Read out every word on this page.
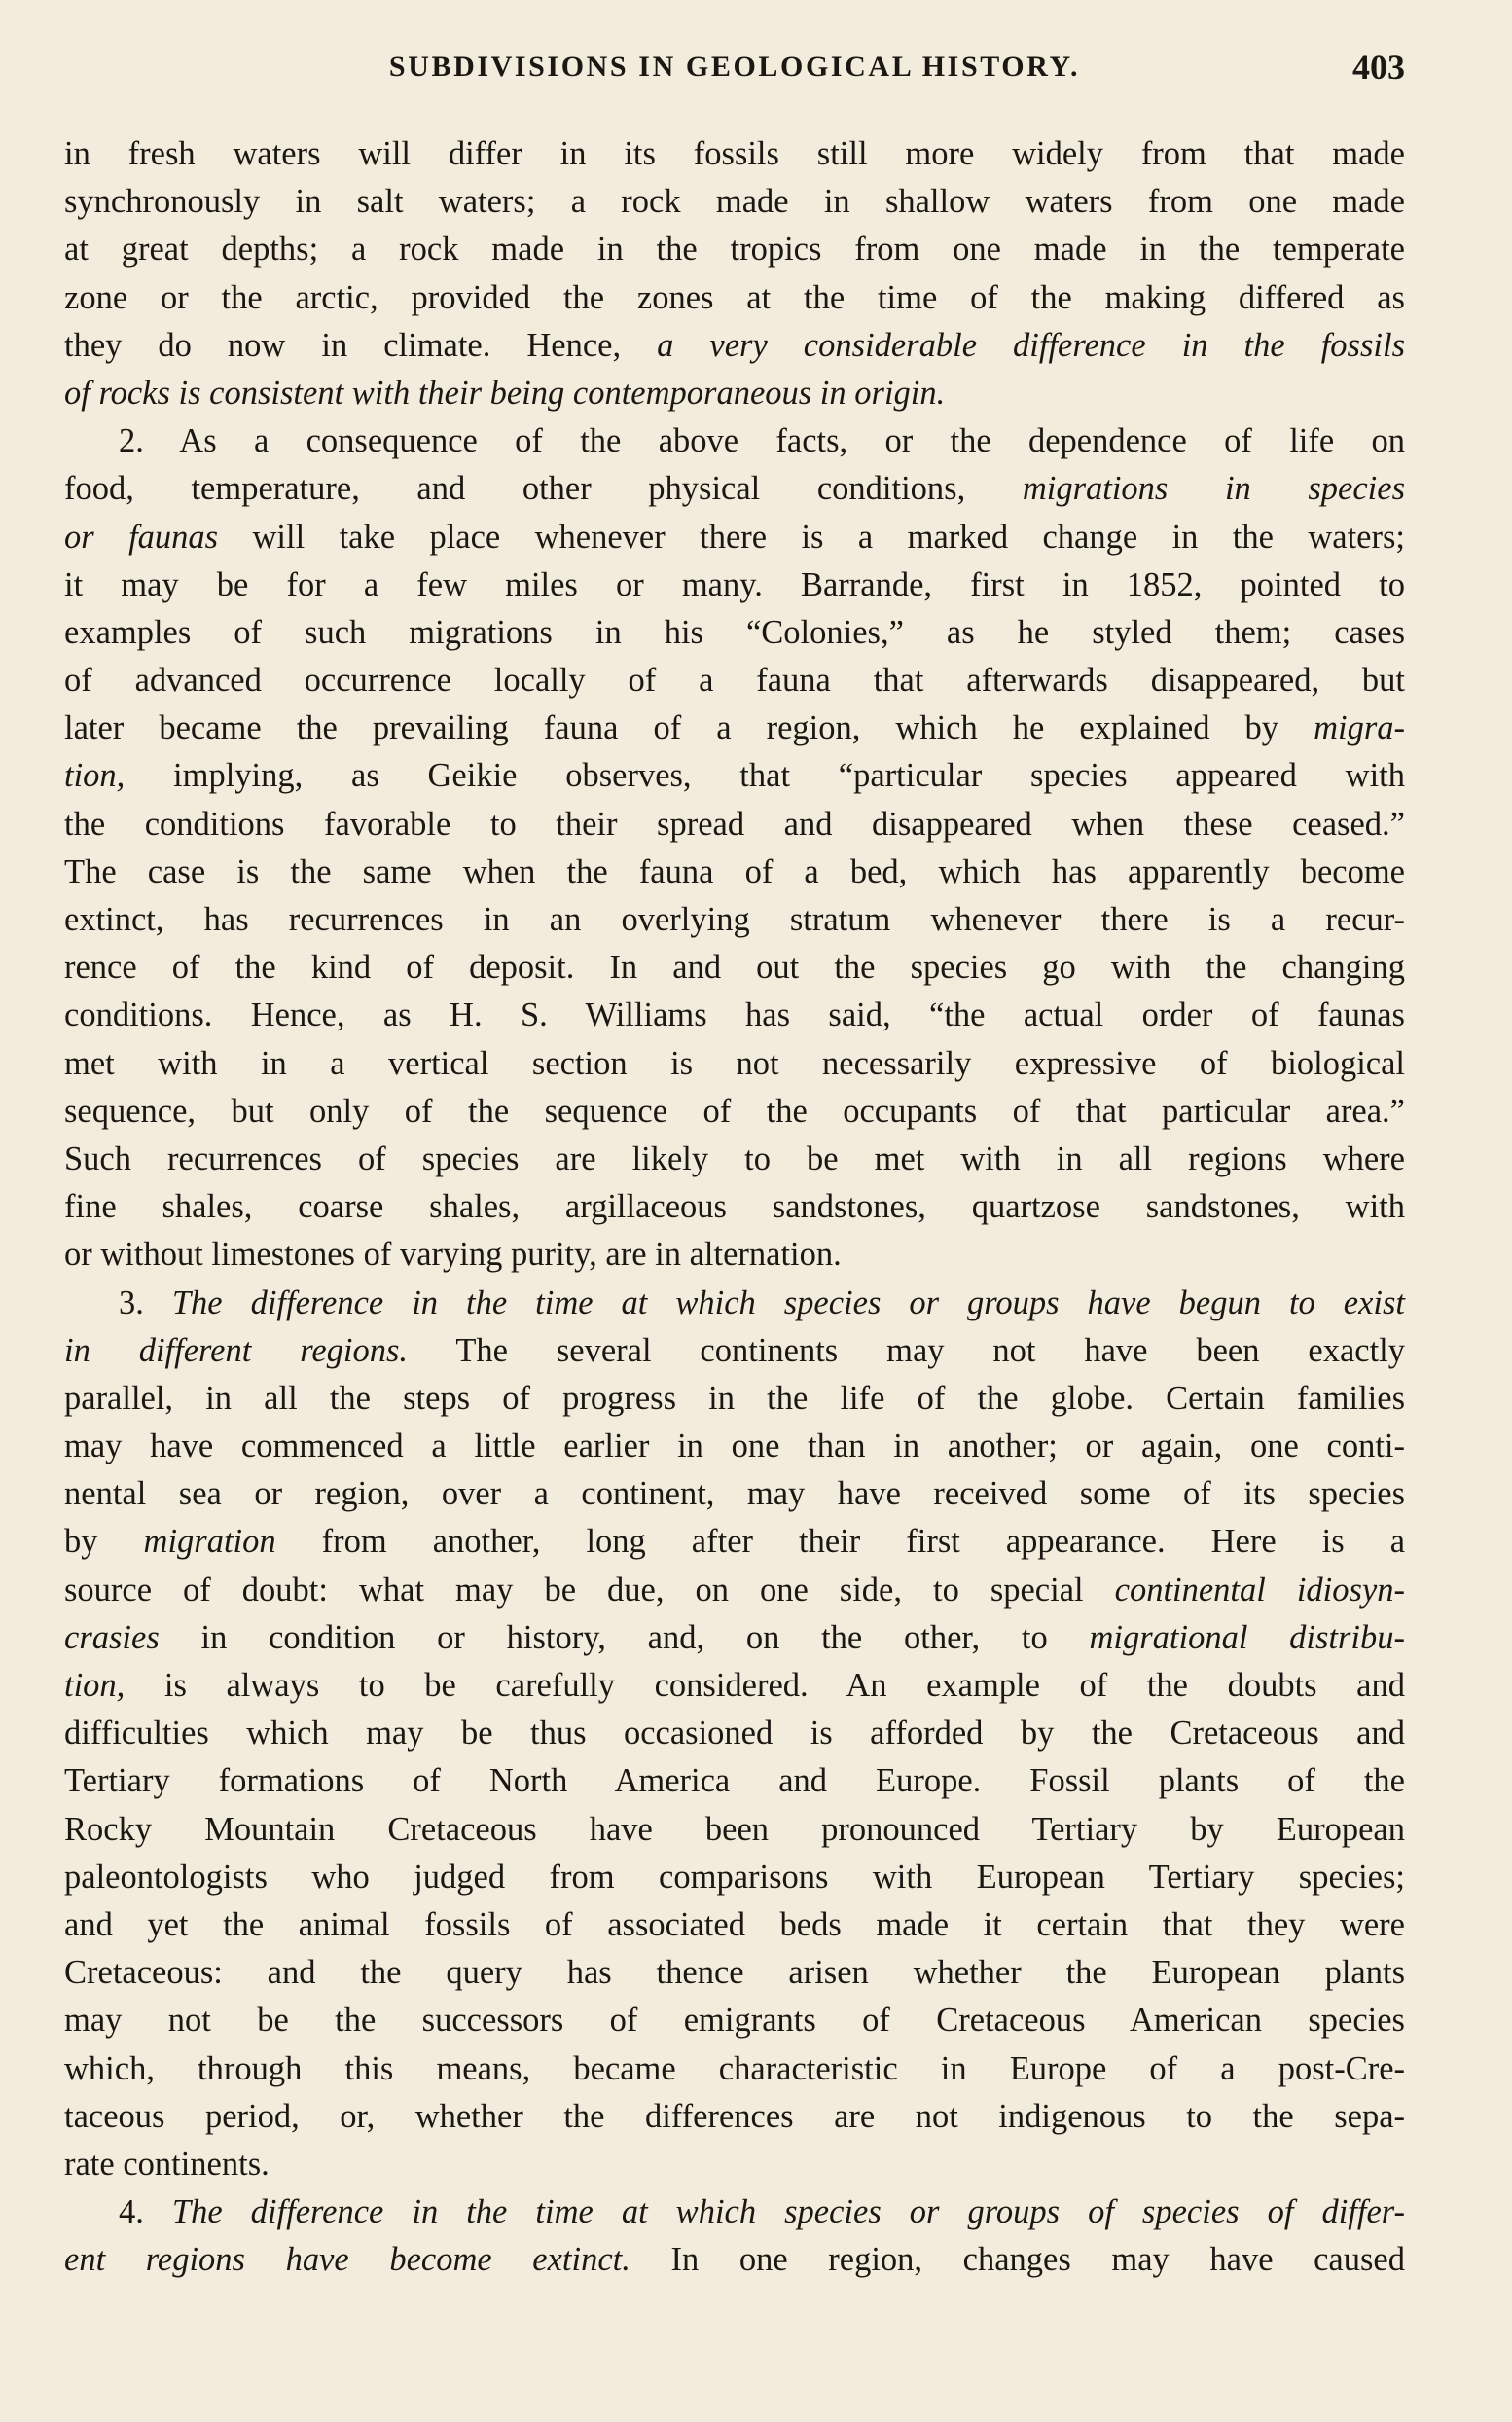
SUBDIVISIONS IN GEOLOGICAL HISTORY.	403
in fresh waters will differ in its fossils still more widely from that made
synchronously in salt waters; a rock made in shallow waters from one made
at great depths; a rock made in the tropics from one made in the temperate
zone or the arctic, provided the zones at the time of the making differed as
they do now in climate. Hence, a very considerable difference in the fossils
of rocks is consistent with their being contemporaneous in origin.
2. As a consequence of the above facts, or the dependence of life on
food, temperature, and other physical conditions, migrations in species
or faunas will take place whenever there is a marked change in the waters;
it may be for a few miles or many. Barrande, first in 1852, pointed to
examples of such migrations in his “Colonies,” as he styled them; cases
of advanced occurrence locally of a fauna that afterwards disappeared, but
later became the prevailing fauna of a region, which he explained by migra-
tion, implying, as Geikie observes, that “particular species appeared with
the conditions favorable to their spread and disappeared when these ceased.”
The case is the same when the fauna of a bed, which has apparently become
extinct, has recurrences in an overlying stratum whenever there is a recur-
rence of the kind of deposit. In and out the species go with the changing
conditions. Hence, as H. S. Williams has said, “the actual order of faunas
met with in a vertical section is not necessarily expressive of biological
sequence, but only of the sequence of the occupants of that particular area.”
Such recurrences of species are likely to be met with in all regions where
fine shales, coarse shales, argillaceous sandstones, quartzose sandstones, with
or without limestones of varying purity, are in alternation.
3. The difference in the time at which species or groups have begun to exist
in different regions. The several continents may not have been exactly
parallel, in all the steps of progress in the life of the globe. Certain families
may have commenced a little earlier in one than in another; or again, one conti-
nental sea or region, over a continent, may have received some of its species
by migration from another, long after their first appearance. Here is a
source of doubt: what may be due, on one side, to special continental idiosyn-
crasies in condition or history, and, on the other, to migrational distribu-
tion, is always to be carefully considered. An example of the doubts and
difficulties which may be thus occasioned is afforded by the Cretaceous and
Tertiary formations of North America and Europe. Fossil plants of the
Rocky Mountain Cretaceous have been pronounced Tertiary by European
paleontologists who judged from comparisons with European Tertiary species;
and yet the animal fossils of associated beds made it certain that they were
Cretaceous: and the query has thence arisen whether the European plants
may not be the successors of emigrants of Cretaceous American species
which, through this means, became characteristic in Europe of a post-Cre-
taceous period, or, whether the differences are not indigenous to the sepa-
rate continents.
4. The difference in the time at which species or groups of species of differ-
ent regions have become extinct. In one region, changes may have caused
